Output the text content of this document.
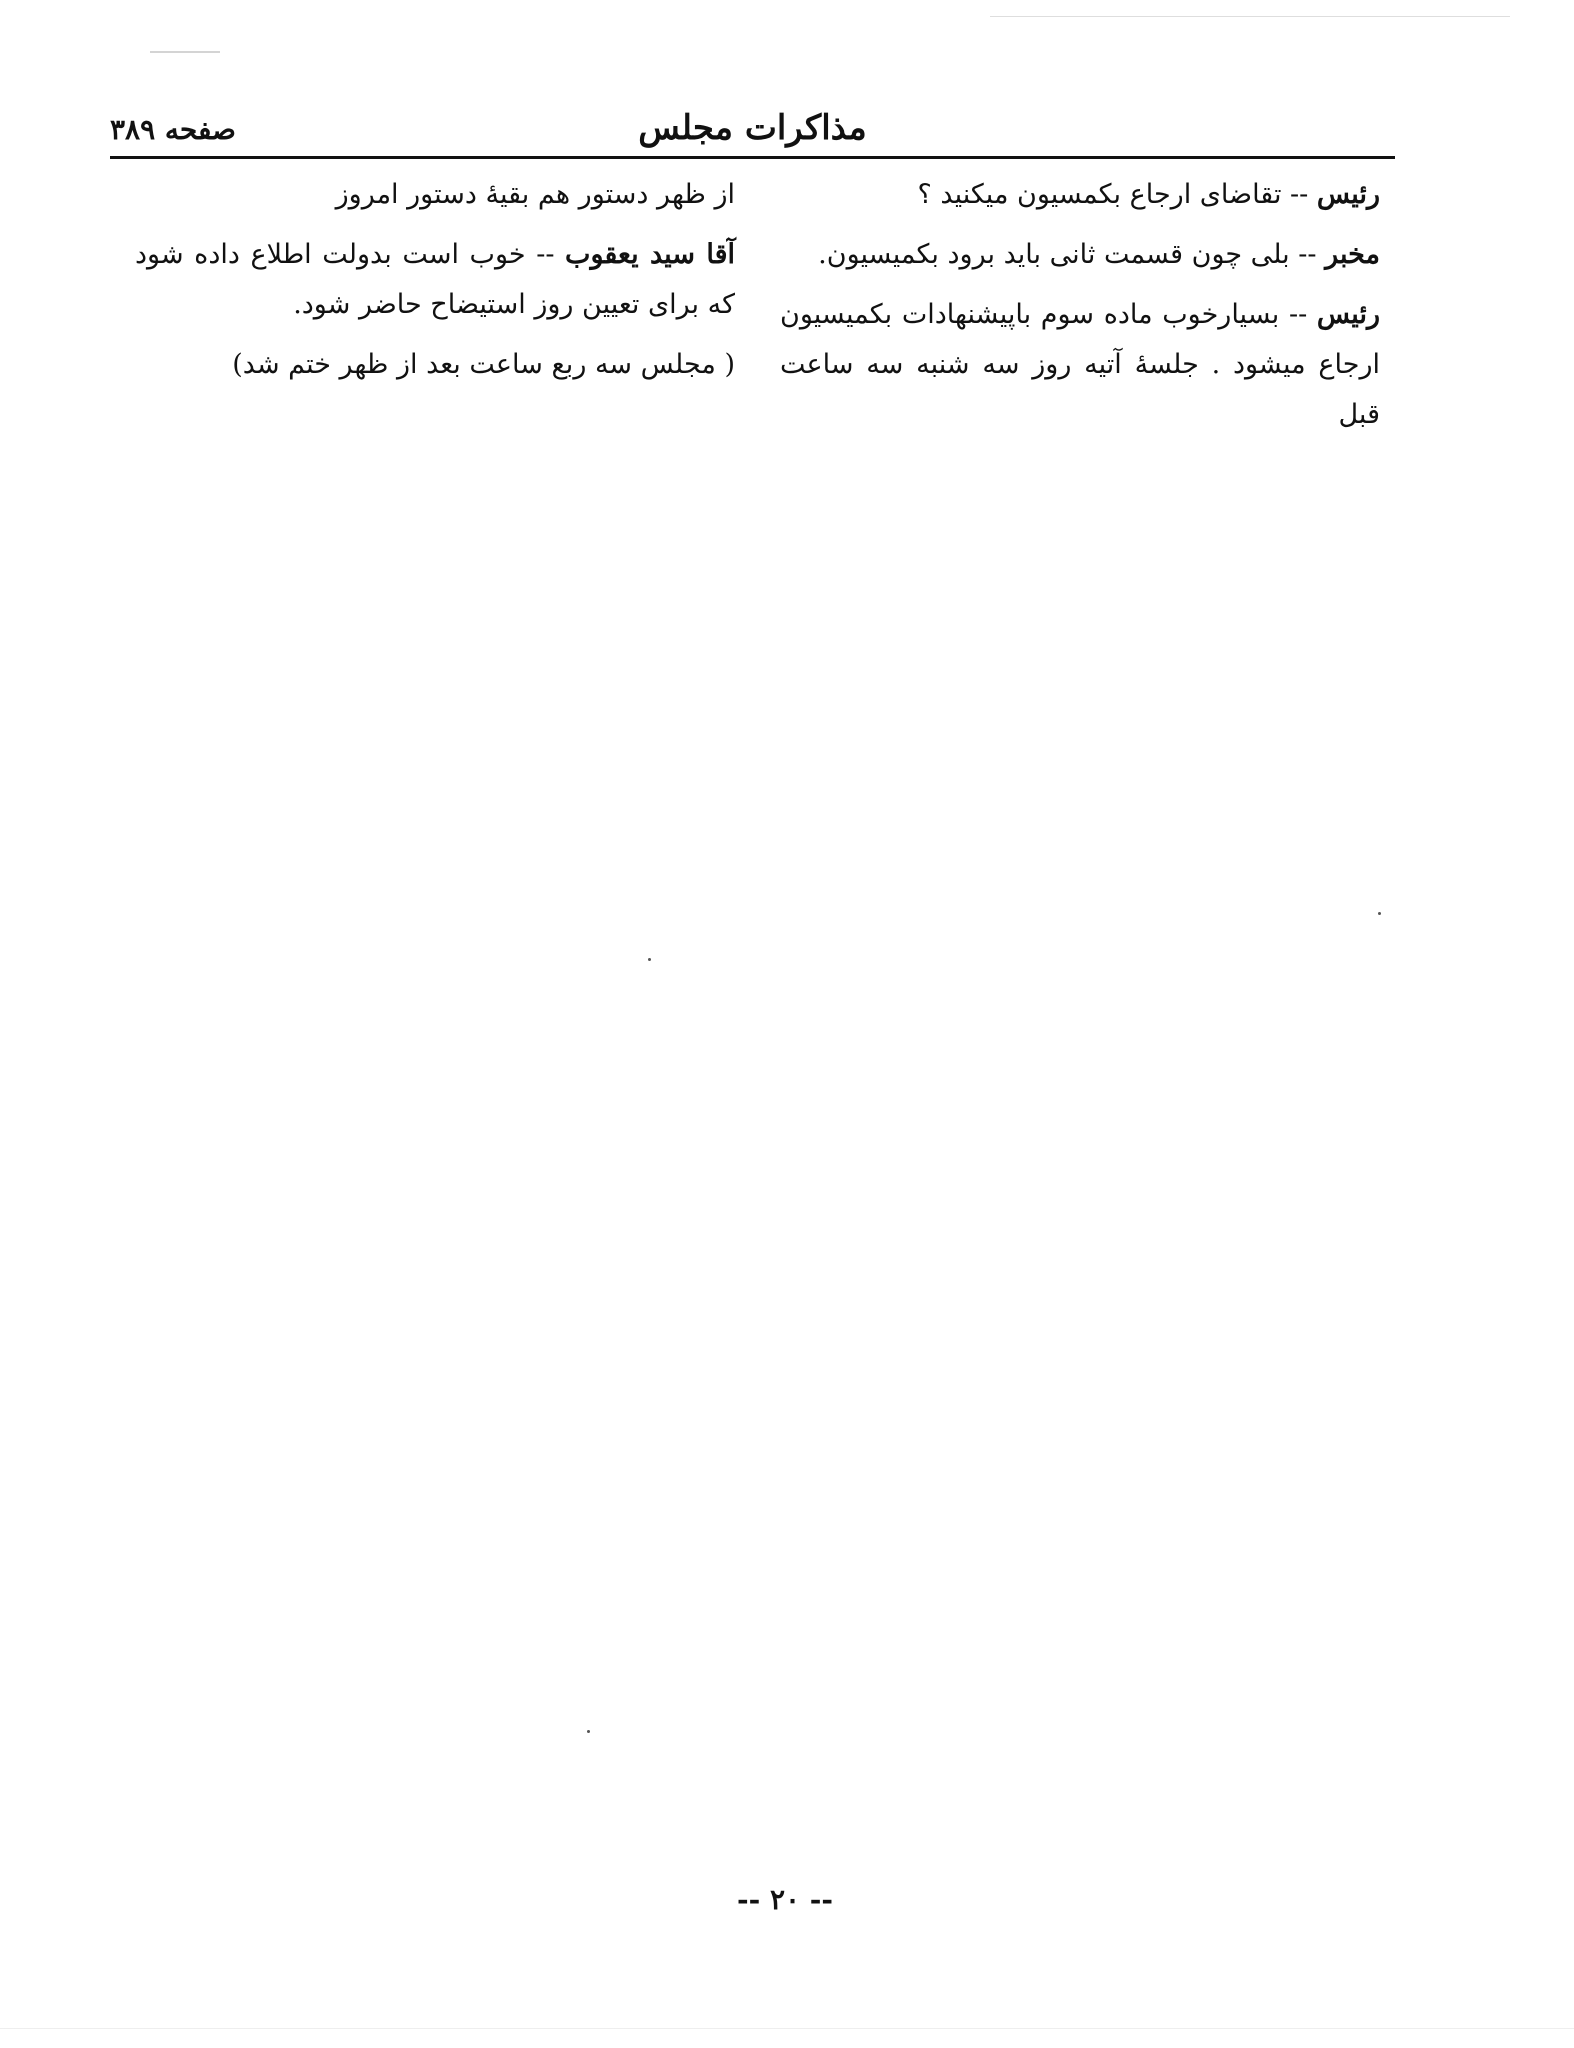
مذاکرات مجلس
صفحه ۳۸۹

رئیس -- تقاضای ارجاع بکمسیون میکنید ؟

مخبر -- بلی چون قسمت ثانی باید برود بکمیسیون.

رئیس -- بسیارخوب ماده سوم باپیشنهادات بکمیسیون ارجاع میشود . جلسهٔ آتیه روز سه شنبه سه ساعت قبل

از ظهر دستور هم بقیهٔ دستور امروز

آقا سید یعقوب -- خوب است بدولت اطلاع داده شود که برای تعیین روز استیضاح حاضر شود.

( مجلس سه ربع ساعت بعد از ظهر ختم شد)

-- ۲۰ --
